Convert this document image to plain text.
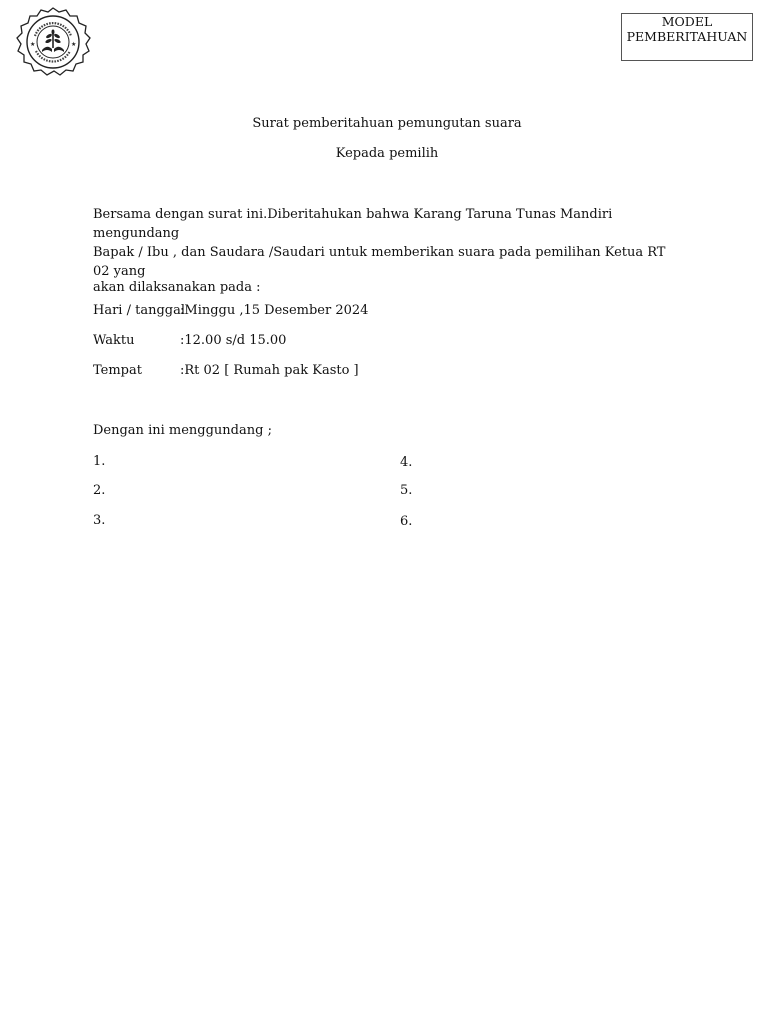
★	★
MODEL
PEMBERITAHUAN
Surat pemberitahuan pemungutan suara
Kepada pemilih
Bersama dengan surat ini.Diberitahukan bahwa Karang Taruna Tunas Mandiri mengundang
Bapak / Ibu , dan Saudara /Saudari untuk memberikan suara pada pemilihan Ketua RT 02 yang
akan dilaksanakan pada :
Hari / tanggal:Minggu ,15 Desember 2024
Waktu	:12.00 s/d 15.00
Tempat	:Rt 02 [ Rumah pak Kasto ]
Dengan ini menggundang ;
1.
2.
3.
4.
5.
6.
